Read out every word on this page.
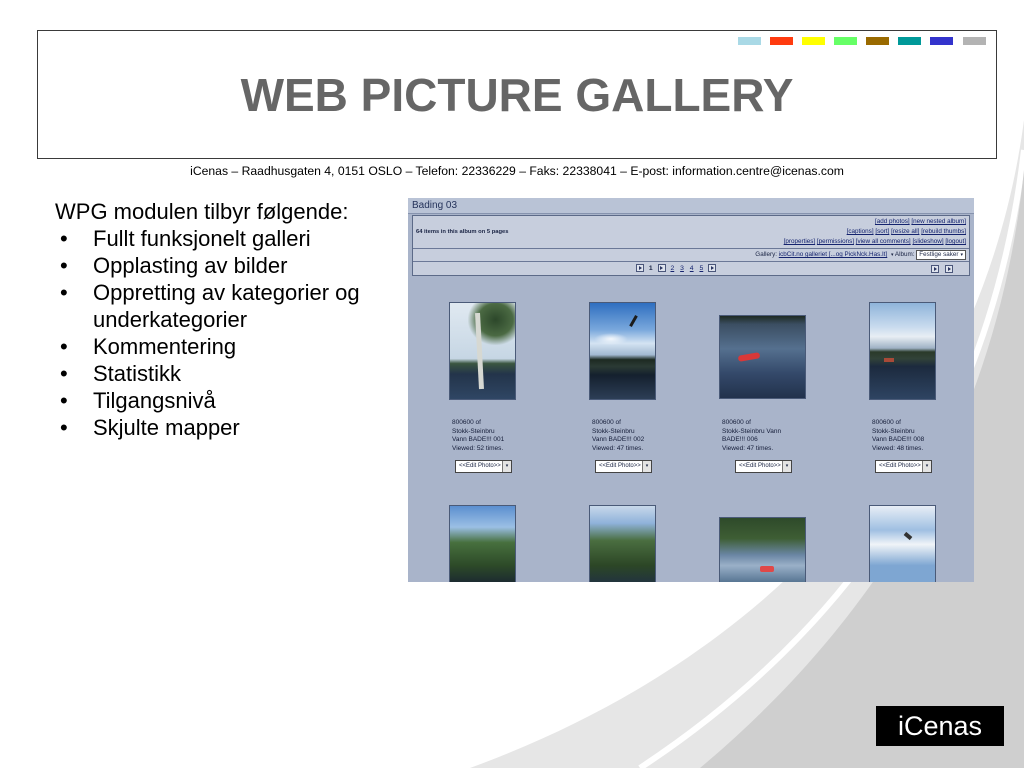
WEB PICTURE GALLERY
iCenas – Raadhusgaten 4, 0151 OSLO – Telefon: 22336229 – Faks: 22338041 – E-post: information.centre@icenas.com
WPG modulen tilbyr følgende:
• Fullt funksjonelt galleri
• Opplasting av bilder
• Oppretting av kategorier og underkategorier
• Kommentering
• Statistikk
• Tilgangsnivå
• Skjulte mapper
Bading 03
64 items in this album on 5 pages
[add photos] [new nested album]
[captions] [sort] [resize all] [rebuild thumbs]
[properties] [permissions] [view all comments] [slideshow] [logout]
Gallery: icbCit.no galleriet [...og PickNck.Has.It] ▾ Album: Festlige saker▾
1	2 3 4 5

800600 of
Stokk-Steinbru
Vann BADE!!! 001
Viewed: 52 times.
800600 of
Stokk-Steinbru
Vann BADE!!! 002
Viewed: 47 times.
800600 of
Stokk-Steinbru Vann
BADE!!! 006
Viewed: 47 times.
800600 of
Stokk-Steinbru
Vann BADE!!! 008
Viewed: 48 times.
<<Edit Photo>> ▾	<<Edit Photo>> ▾	<<Edit Photo>> ▾	<<Edit Photo>>
▾
iCenas
